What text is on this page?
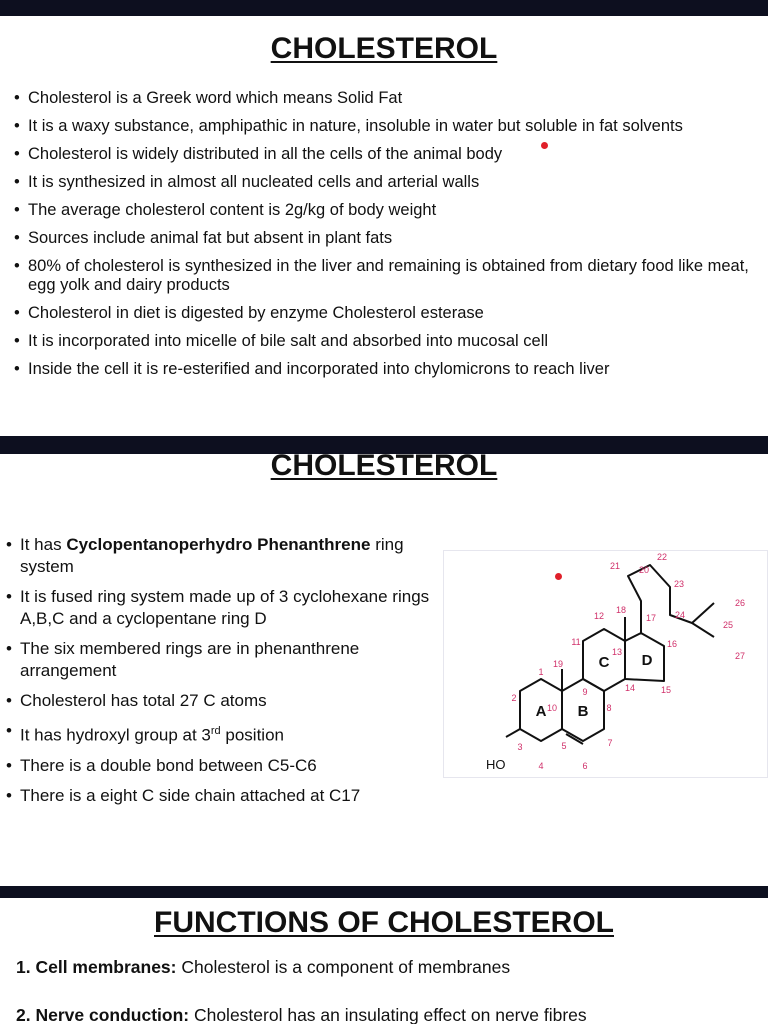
CHOLESTEROL
• Cholesterol is a Greek word which means Solid Fat
• It is a waxy substance, amphipathic in nature, insoluble in water but soluble in fat solvents
• Cholesterol is widely distributed in all the cells of the animal body
• It is synthesized in almost all nucleated cells and arterial walls
• The average cholesterol content is 2g/kg of body weight
• Sources include animal fat but absent in plant fats
• 80% of cholesterol is synthesized in the liver and remaining is obtained from dietary food like meat, egg yolk and dairy products
• Cholesterol in diet is digested by enzyme Cholesterol esterase
• It is incorporated into micelle of bile salt and absorbed into mucosal cell
• Inside the cell it is re-esterified and incorporated into chylomicrons to reach liver
CHOLESTEROL
• It has Cyclopentanoperhydro Phenanthrene ring system
• It is fused ring system made up of 3 cyclohexane rings A,B,C and a cyclopentane ring D
• The six membered rings are in phenanthrene arrangement
• Cholesterol has total 27 C atoms
• It has hydroxyl group at 3rd position
• There is a double bond between C5-C6
• There is a eight C side chain attached at C17
A B
C D
HO
1
2
3
4
5
6
7
8
9
10
11
12
13
14	15
16
17
18
19
20
21
22
23
24
25
26
27
FUNCTIONS OF CHOLESTEROL
1. Cell membranes: Cholesterol is a component of membranes
2. Nerve conduction: Cholesterol has an insulating effect on nerve fibres
